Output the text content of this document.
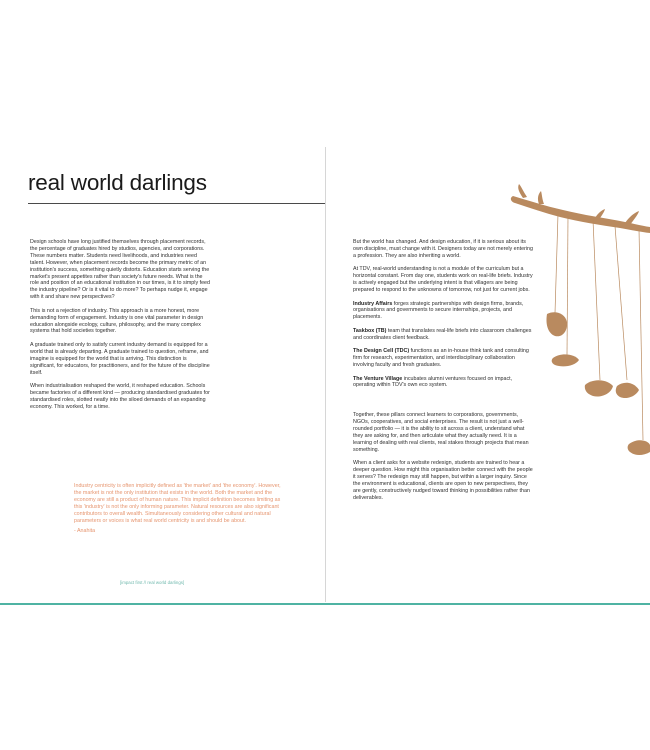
real world darlings

Design schools have long justified themselves through placement records, the percentage of graduates hired by studios, agencies, and corporations. These numbers matter. Students need livelihoods, and industries need talent. However, when placement records become the primary metric of an institution's success, something quietly distorts. Education starts serving the market's present appetites rather than society's future needs. What is the role and position of an educational institution in our times, is it to simply feed the industry pipeline? Or is it vital to do more? To perhaps nudge it, engage with it and share new perspectives?

This is not a rejection of industry. This approach is a more honest, more demanding form of engagement. Industry is one vital parameter in design education alongside ecology, culture, philosophy, and the many complex systems that hold societies together.

A graduate trained only to satisfy current industry demand is equipped for a world that is already departing. A graduate trained to question, reframe, and imagine is equipped for the world that is arriving. This distinction is significant, for educators, for practitioners, and for the future of the discipline itself.

When industrialisation reshaped the world, it reshaped education. Schools became factories of a different kind — producing standardised graduates for standardised roles, slotted neatly into the siloed demands of an expanding economy. This worked, for a time.

Industry centricity is often implicitly defined as 'the market' and 'the economy'. However, the market is not the only institution that exists in the world. Both the market and the economy are still a product of human nature. This implicit definition becomes limiting as this 'industry' is not the only informing parameter. Natural resources are also significant contributors to overall wealth. Simultaneously considering other cultural and natural parameters or voices is what real world centricity is and should be about.

- Anahita

[impact first // real world darlings]

But the world has changed. And design education, if it is serious about its own discipline, must change with it. Designers today are not merely entering a profession. They are also inheriting a world.

At TDV, real-world understanding is not a module of the curriculum but a horizontal constant. From day one, students work on real-life briefs. Industry is actively engaged but the underlying intent is that villagers are being prepared to respond to the unknowns of tomorrow, not just for current jobs.

Industry Affairs forges strategic partnerships with design firms, brands, organisations and governments to secure internships, projects, and placements.

Taskbox (TB) team that translates real-life briefs into classroom challenges and coordinates client feedback.

The Design Cell (TDC) functions as an in-house think tank and consulting firm for research, experimentation, and interdisciplinary collaboration involving faculty and fresh graduates.

The Venture Village incubates alumni ventures focused on impact, operating within TDV's own eco system.

Together, these pillars connect learners to corporations, governments, NGOs, cooperatives, and social enterprises. The result is not just a well-rounded portfolio — it is the ability to sit across a client, understand what they are asking for, and then articulate what they actually need. It is a learning of dealing with real clients, real stakes through projects that mean something.

When a client asks for a website redesign, students are trained to hear a deeper question. How might this organisation better connect with the people it serves? The redesign may still happen, but within a larger inquiry. Since the environment is educational, clients are open to new perspectives, they are gently, constructively nudged toward thinking in possibilities rather than deliverables.
